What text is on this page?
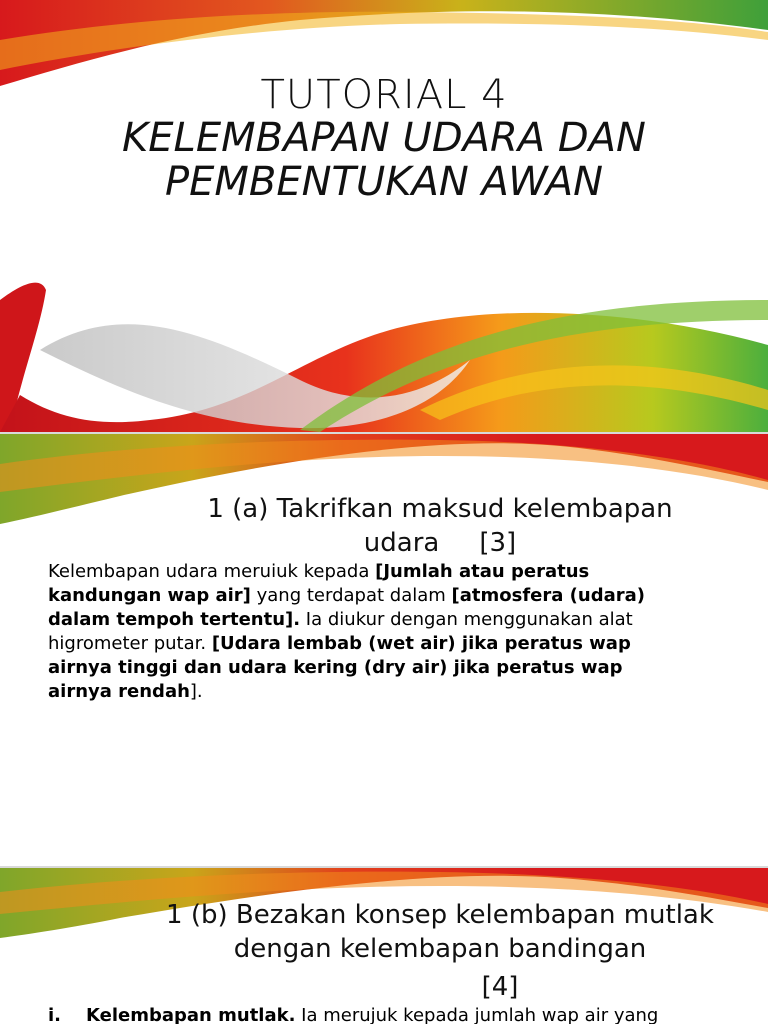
TUTORIAL 4
KELEMBAPAN UDARA DAN
PEMBENTUKAN AWAN
1 (a) Takrifkan maksud kelembapan
udara [3]
Kelembapan udara meruiuk kepada [Jumlah atau peratus kandungan wap air] yang terdapat dalam [atmosfera (udara) dalam tempoh tertentu]. Ia diukur dengan menggunakan alat higrometer putar. [Udara lembab (wet air) jika peratus wap airnya tinggi dan udara kering (dry air) jika peratus wap airnya rendah].
1 (b) Bezakan konsep kelembapan mutlak
dengan kelembapan bandingan
[4]
i. Kelembapan mutlak. Ia merujuk kepada jumlah wap air yang
